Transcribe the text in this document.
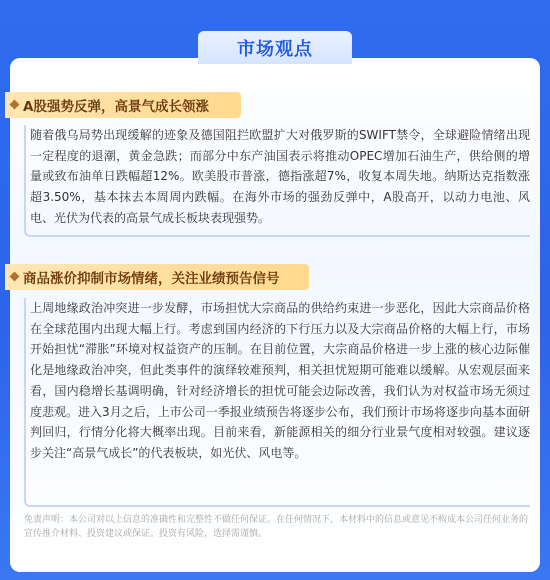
市场观点
A股强势反弹，高景气成长领涨

随着俄乌局势出现缓解的迹象及德国阻拦欧盟扩大对俄罗斯的SWIFT禁令，全球避险情绪出现一定程度的退潮，黄金急跌；而部分中东产油国表示将推动OPEC增加石油生产，供给侧的增量或致布油单日跌幅超12%。欧美股市普涨，德指涨超7%，收复本周失地。纳斯达克指数涨超3.50%，基本抹去本周周内跌幅。在海外市场的强劲反弹中，A股高开，以动力电池、风电、光伏为代表的高景气成长板块表现强势。

商品涨价抑制市场情绪，关注业绩预告信号

上周地缘政治冲突进一步发酵，市场担忧大宗商品的供给约束进一步恶化，因此大宗商品价格在全球范围内出现大幅上行。考虑到国内经济的下行压力以及大宗商品价格的大幅上行，市场开始担忧“滞胀”环境对权益资产的压制。在目前位置，大宗商品价格进一步上涨的核心边际催化是地缘政治冲突，但此类事件的演绎较难预判，相关担忧短期可能难以缓解。从宏观层面来看，国内稳增长基调明确，针对经济增长的担忧可能会边际改善，我们认为对权益市场无须过度悲观。进入3月之后，上市公司一季报业绩预告将逐步公布，我们预计市场将逐步向基本面研判回归，行情分化将大概率出现。目前来看，新能源相关的细分行业景气度相对较强。建议逐步关注“高景气成长”的代表板块，如光伏、风电等。

免责声明：本公司对以上信息的准确性和完整性不做任何保证。在任何情况下，本材料中的信息或意见不构成本公司任何业务的宣传推介材料、投资建议或保证。投资有风险，选择需谨慎。
